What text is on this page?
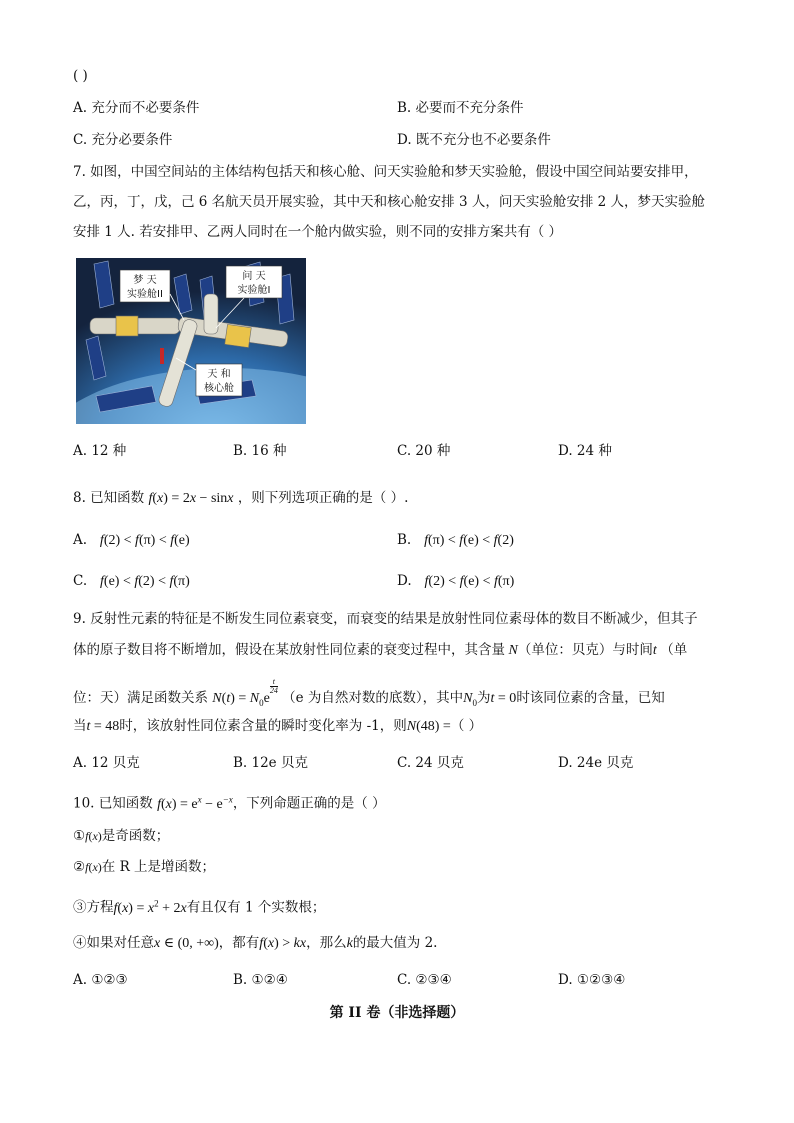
( )
A. 充分而不必要条件	B. 必要而不充分条件
C. 充分必要条件	D. 既不充分也不必要条件
7. 如图，中国空间站的主体结构包括天和核心舱、问天实验舱和梦天实验舱，假设中国空间站要安排甲，
乙，丙，丁，戊，己 6 名航天员开展实验，其中天和核心舱安排 3 人，问天实验舱安排 2 人，梦天实验舱
安排 1 人. 若安排甲、乙两人同时在一个舱内做实验，则不同的安排方案共有（ ）
梦 天
实验舱II
问 天
实验舱I
天 和
核心舱
A. 12 种	B. 16 种	C. 20 种	D. 24 种
8. 已知函数 f(x) = 2x − sinx ，则下列选项正确的是（ ）.
A. f(2) < f(π) < f(e)	B. f(π) < f(e) < f(2)
C. f(e) < f(2) < f(π)	D. f(2) < f(e) < f(π)
9. 反射性元素的特征是不断发生同位素衰变，而衰变的结果是放射性同位素母体的数目不断减少，但其子
体的原子数目将不断增加，假设在某放射性同位素的衰变过程中，其含量 N（单位：贝克）与时间t （单
位：天）满足函数关系 $N(t) = N_0e$
$\frac{t}{24} (e$ 为自然对数的底数），其中$N_0$为t = 0时该同位素的含量，已知
当t = 48时，该放射性同位素含量的瞬时变化率为 -1，则N(48) =（ ）
A. 12 贝克	B. 12e 贝克	C. 24 贝克	D. 24e 贝克
10. 已知函数 $f(x) = e^x - e^{-x}$，下列命题正确的是（ ）
①f(x)是奇函数；
②f(x)在 R 上是增函数；
③方程$f(x) = x^2 + 2x$有且仅有 1 个实数根；
④如果对任意x ∈ (0, +∞)，都有f(x) > kx，那么k的最大值为 2.
A. ①②③	B. ①②④	C. ②③④	D. ①②③④
第 II 卷（非选择题）
